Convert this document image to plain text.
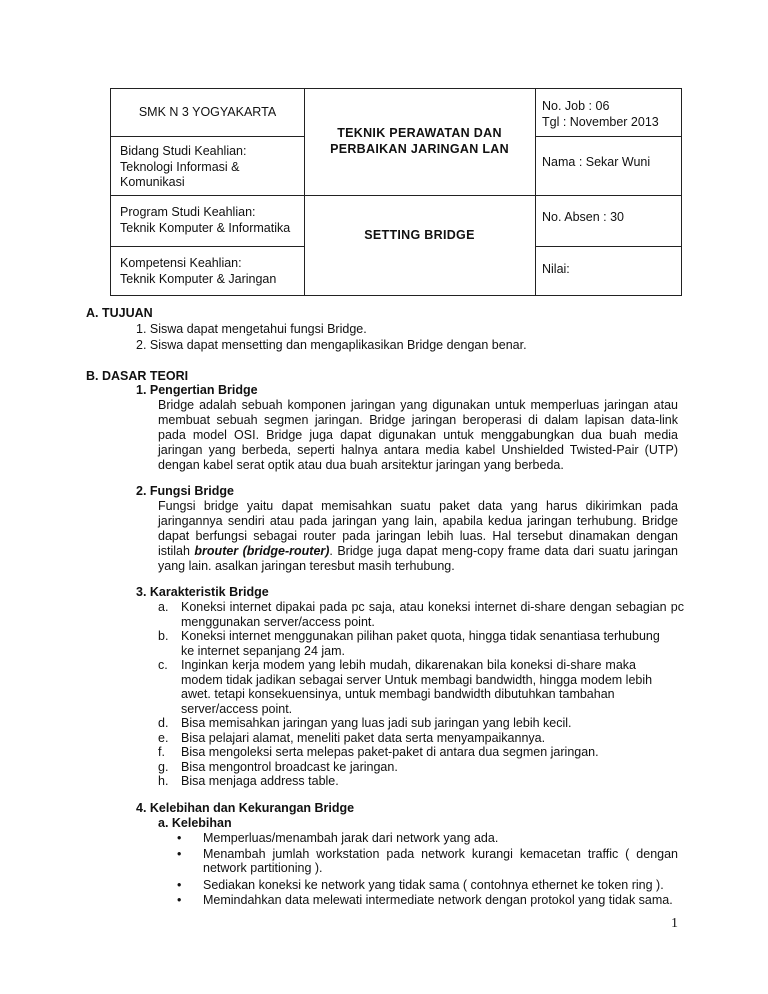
SMK N 3 YOGYAKARTA
Bidang Studi Keahlian:
Teknologi Informasi &
Komunikasi
Program Studi Keahlian:
Teknik Komputer & Informatika
Kompetensi Keahlian:
Teknik Komputer & Jaringan
TEKNIK PERAWATAN DAN
PERBAIKAN JARINGAN LAN
SETTING BRIDGE
No. Job : 06
Tgl : November 2013
Nama : Sekar Wuni
No. Absen : 30
Nilai:
A. TUJUAN
1. Siswa dapat mengetahui fungsi Bridge.
2. Siswa dapat mensetting dan mengaplikasikan Bridge dengan benar.
B. DASAR TEORI
1. Pengertian Bridge
Bridge adalah sebuah komponen jaringan yang digunakan untuk memperluas jaringan atau
membuat sebuah segmen jaringan. Bridge jaringan beroperasi di dalam lapisan data-link
pada model OSI. Bridge juga dapat digunakan untuk menggabungkan dua buah media
jaringan yang berbeda, seperti halnya antara media kabel Unshielded Twisted-Pair (UTP)
dengan kabel serat optik atau dua buah arsitektur jaringan yang berbeda.
2. Fungsi Bridge
Fungsi bridge yaitu dapat memisahkan suatu paket data yang harus dikirimkan pada
jaringannya sendiri atau pada jaringan yang lain, apabila kedua jaringan terhubung. Bridge
dapat berfungsi sebagai router pada jaringan lebih luas. Hal tersebut dinamakan dengan
istilah brouter (bridge-router). Bridge juga dapat meng-copy frame data dari suatu jaringan
yang lain. asalkan jaringan teresbut masih terhubung.
3. Karakteristik Bridge
a. Koneksi internet dipakai pada pc saja, atau koneksi internet di-share dengan sebagian pc
menggunakan server/access point.
b. Koneksi internet menggunakan pilihan paket quota, hingga tidak senantiasa terhubung
ke internet sepanjang 24 jam.
c. Inginkan kerja modem yang lebih mudah, dikarenakan bila koneksi di-share maka
modem tidak jadikan sebagai server Untuk membagi bandwidth, hingga modem lebih
awet. tetapi konsekuensinya, untuk membagi bandwidth dibutuhkan tambahan
server/access point.
d. Bisa memisahkan jaringan yang luas jadi sub jaringan yang lebih kecil.
e. Bisa pelajari alamat, meneliti paket data serta menyampaikannya.
f. Bisa mengoleksi serta melepas paket-paket di antara dua segmen jaringan.
g. Bisa mengontrol broadcast ke jaringan.
h. Bisa menjaga address table.
4. Kelebihan dan Kekurangan Bridge
a. Kelebihan
• Memperluas/menambah jarak dari network yang ada.
• Menambah jumlah workstation pada network kurangi kemacetan traffic ( dengan
network partitioning ).
• Sediakan koneksi ke network yang tidak sama ( contohnya ethernet ke token ring ).
• Memindahkan data melewati intermediate network dengan protokol yang tidak sama.
1
